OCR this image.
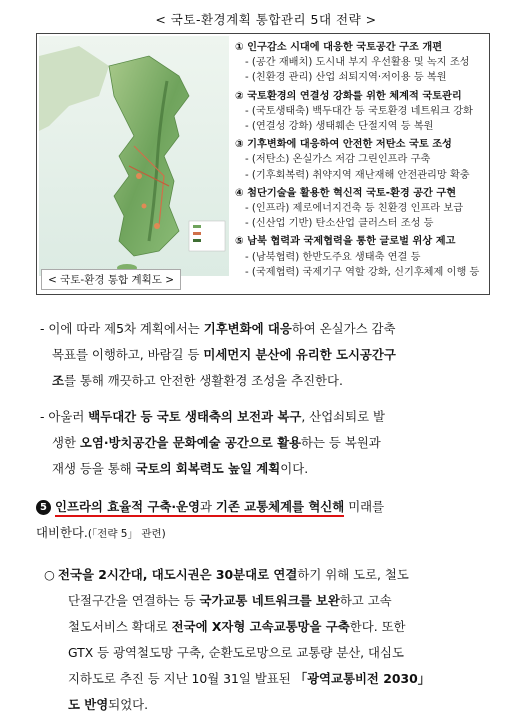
< 국토-환경계획 통합관리 5대 전략 >
< 국토-환경 통합 계획도 >
① 인구감소 시대에 대응한 국토공간 구조 개편
- (공간 재배치) 도시내 부지 우선활용 및 녹지 조성
- (친환경 관리) 산업 쇠퇴지역·저이용 등 복원
② 국토환경의 연결성 강화를 위한 체계적 국토관리
- (국토생태축) 백두대간 등 국토환경 네트워크 강화
- (연결성 강화) 생태훼손 단절지역 등 복원
③ 기후변화에 대응하여 안전한 저탄소 국토 조성
- (저탄소) 온실가스 저감 그린인프라 구축
- (기후회복력) 취약지역 재난재해 안전관리망 확충
④ 첨단기술을 활용한 혁신적 국토-환경 공간 구현
- (인프라) 제로에너지건축 등 친환경 인프라 보급
- (신산업 기반) 탄소산업 클러스터 조성 등
⑤ 남북 협력과 국제협력을 통한 글로벌 위상 제고
- (남북협력) 한반도주요 생태축 연결 등
- (국제협력) 국제기구 역할 강화, 신기후체제 이행 등
- 이에 따라 제5차 계획에서는 기후변화에 대응하여 온실가스 감축
목표를 이행하고, 바람길 등 미세먼지 분산에 유리한 도시공간구
조를 통해 깨끗하고 안전한 생활환경 조성을 추진한다.
- 아울러 백두대간 등 국토 생태축의 보전과 복구, 산업쇠퇴로 발
생한 오염·방치공간을 문화예술 공간으로 활용하는 등 복원과
재생 등을 통해 국토의 회복력도 높일 계획이다.
5 인프라의 효율적 구축·운영과 기존 교통체계를 혁신해 미래를
대비한다.(「전략 5」 관련)
○ 전국을 2시간대, 대도시권은 30분대로 연결하기 위해 도로, 철도
단절구간을 연결하는 등 국가교통 네트워크를 보완하고 고속
철도서비스 확대로 전국에 X자형 고속교통망을 구축한다. 또한
GTX 등 광역철도망 구축, 순환도로망으로 교통량 분산, 대심도
지하도로 추진 등 지난 10월 31일 발표된 「광역교통비전 2030」
도 반영되었다.
